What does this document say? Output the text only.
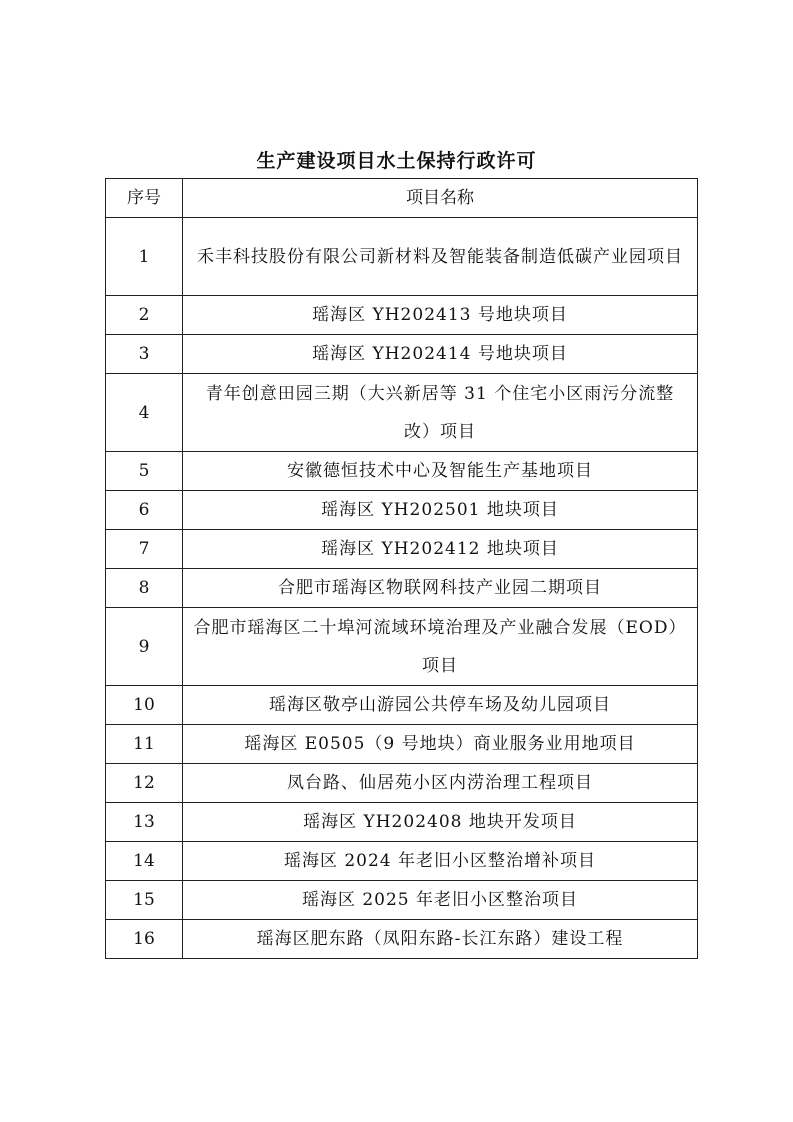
生产建设项目水土保持行政许可
序号	项目名称
1	禾丰科技股份有限公司新材料及智能装备制造低碳产业园项目
2	瑶海区 YH202413 号地块项目
3	瑶海区 YH202414 号地块项目
4	青年创意田园三期（大兴新居等 31 个住宅小区雨污分流整改）项目
5	安徽德恒技术中心及智能生产基地项目
6	瑶海区 YH202501 地块项目
7	瑶海区 YH202412 地块项目
8	合肥市瑶海区物联网科技产业园二期项目
9	合肥市瑶海区二十埠河流域环境治理及产业融合发展（EOD）项目
10	瑶海区敬亭山游园公共停车场及幼儿园项目
11	瑶海区 E0505（9 号地块）商业服务业用地项目
12	凤台路、仙居苑小区内涝治理工程项目
13	瑶海区 YH202408 地块开发项目
14	瑶海区 2024 年老旧小区整治增补项目
15	瑶海区 2025 年老旧小区整治项目
16	瑶海区肥东路（凤阳东路-长江东路）建设工程
